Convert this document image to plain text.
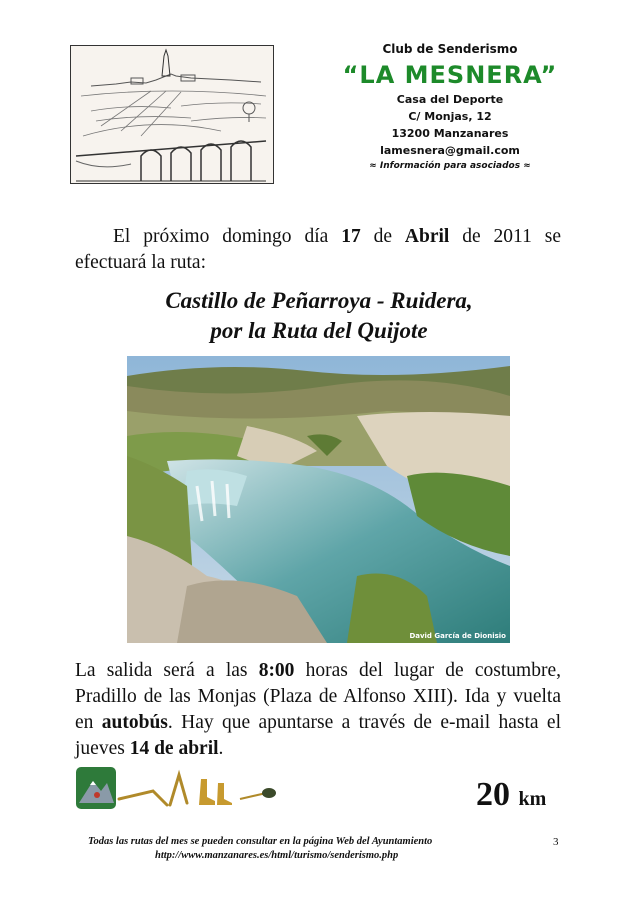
Club de Senderismo
“LA MESNERA”
Casa del Deporte
C/ Monjas, 12
13200 Manzanares
lamesnera@gmail.com
≈ Información para asociados ≈
El próximo domingo día 17 de Abril de 2011 se efectuará la ruta:
Castillo de Peñarroya - Ruidera,
por la Ruta del Quijote
David García de Dionisio
La salida será a las 8:00 horas del lugar de costumbre, Pradillo de las Monjas (Plaza de Alfonso XIII). Ida y vuelta en autobús. Hay que apuntarse a través de e-mail hasta el jueves 14 de abril.
20 km
Todas las rutas del mes se pueden consultar en la página Web del Ayuntamiento
http://www.manzanares.es/html/turismo/senderismo.php
3
